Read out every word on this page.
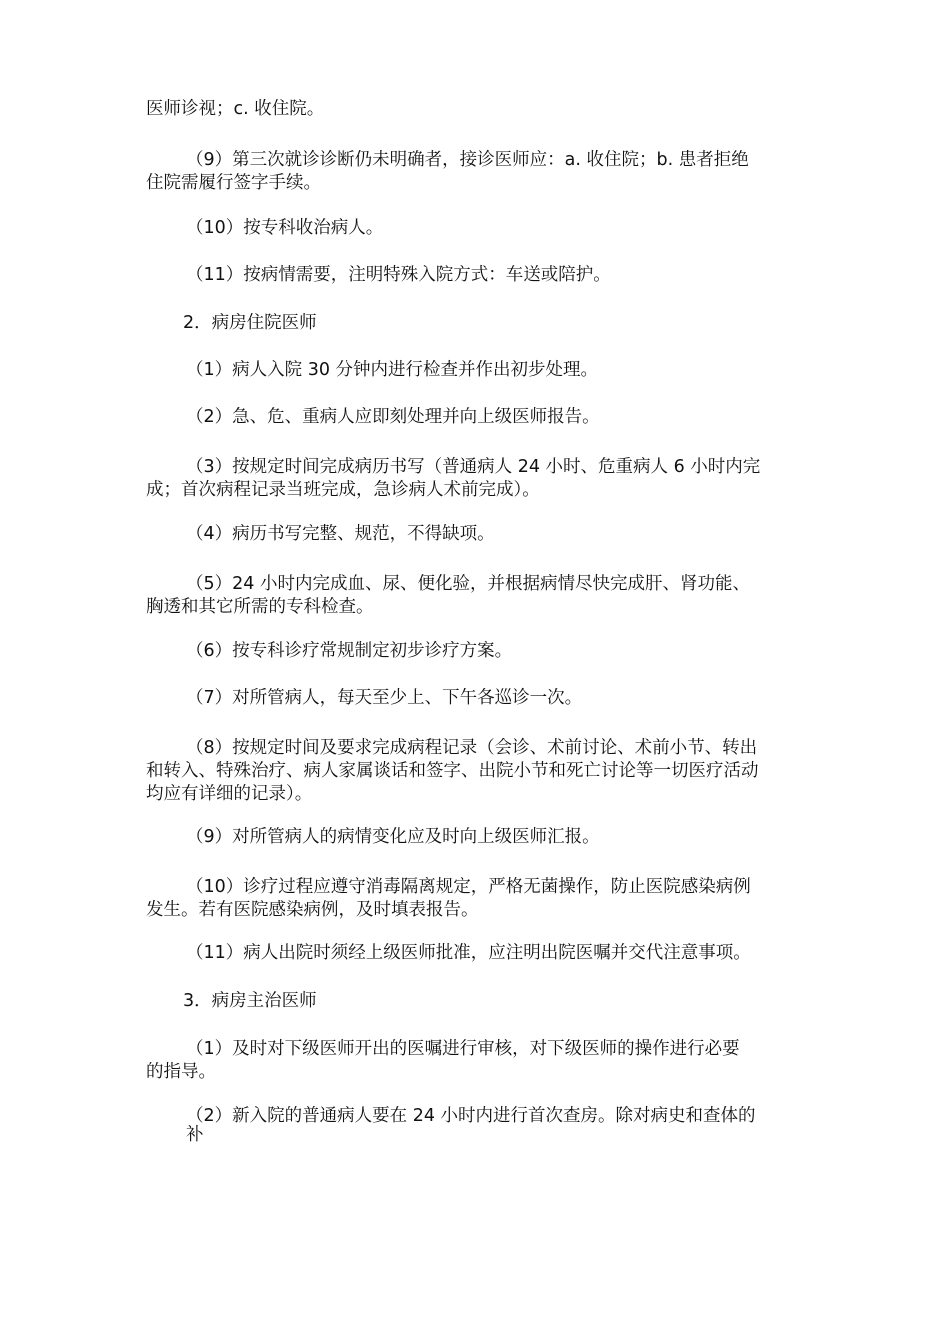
医师诊视；c. 收住院。

（9）第三次就诊诊断仍未明确者，接诊医师应：a. 收住院；b. 患者拒绝
住院需履行签字手续。

（10）按专科收治病人。

（11）按病情需要，注明特殊入院方式：车送或陪护。

2．病房住院医师

（1）病人入院 30 分钟内进行检查并作出初步处理。

（2）急、危、重病人应即刻处理并向上级医师报告。

（3）按规定时间完成病历书写（普通病人 24 小时、危重病人 6 小时内完
成；首次病程记录当班完成，急诊病人术前完成）。

（4）病历书写完整、规范，不得缺项。

（5）24 小时内完成血、尿、便化验，并根据病情尽快完成肝、肾功能、
胸透和其它所需的专科检查。

（6）按专科诊疗常规制定初步诊疗方案。

（7）对所管病人，每天至少上、下午各巡诊一次。

（8）按规定时间及要求完成病程记录（会诊、术前讨论、术前小节、转出
和转入、特殊治疗、病人家属谈话和签字、出院小节和死亡讨论等一切医疗活动
均应有详细的记录）。

（9）对所管病人的病情变化应及时向上级医师汇报。

（10）诊疗过程应遵守消毒隔离规定，严格无菌操作，防止医院感染病例
发生。若有医院感染病例，及时填表报告。

（11）病人出院时须经上级医师批准，应注明出院医嘱并交代注意事项。

3．病房主治医师

（1）及时对下级医师开出的医嘱进行审核，对下级医师的操作进行必要
的指导。

（2）新入院的普通病人要在 24 小时内进行首次查房。除对病史和查体的

补
